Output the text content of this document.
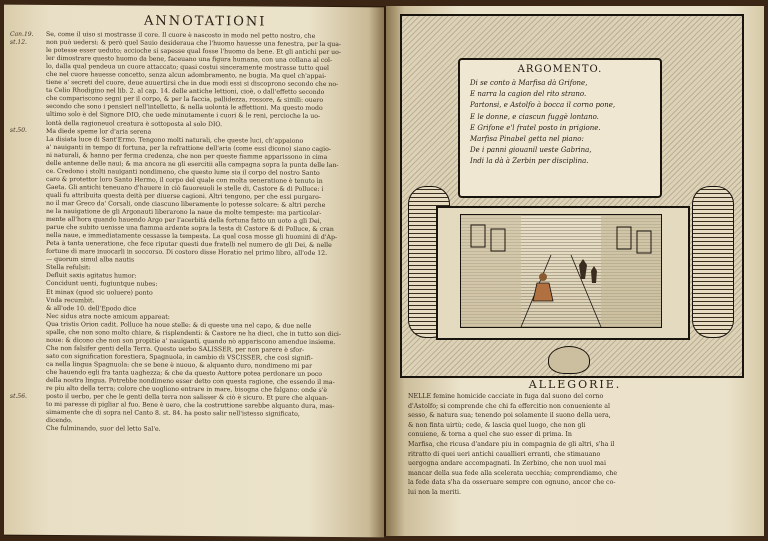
ANNOTATIONI
Can.19.
st.12.
st.50.
st.56.

Se, come il uiso si mostrasse il core. Il cuore è nascosto in modo nel petto nostro, che

non può uedersi: & però quel Sauio desideraua che l'huomo hauesse una fenestra, per la qua-

le potesse esser ueduto; accioche si sapesse qual fosse l'huomo da bene. Et gli antichi per uo-

ler dimostrare questo huomo da bene, faceuano una figura humana, con una collana al col-

lo, dalla qual pendeua un cuore attaccato; quasi costui sinceramente mostrasse tutto quel

che nel cuore hauesse concetto, senza alcun adombramento, ne bugia. Ma quel ch'appai-

tiene a' secreti del cuore, deue auuertirsi che in due modi essi si discoprono secondo che no-

ta Celio Rhodigino nel lib. 2. al cap. 14. delle antiche lettioni, cioè, o dall'effetto secondo

che compariscono segni per il corpo, & per la faccia, pallidezza, rossore, & simili: ouero

secondo che sono i pensieri nell'intelletto, & nella uolontà le affettioni. Ma questo modo

ultimo solo è del Signore DIO, che uede minutamente i cuori & le reni, percioche la uo-

lontà della ragioneuol creatura è sottoposta al solo DIO.

Ma diede speme lor d'aria serena

La disiata luce di Sant'Ermo. Tengono molti naturali, che queste luci, ch'appaiono

a' nauiganti in tempo di fortuna, per la refrattione dell'aria (come essi dicono) siano cagio-

ni naturali, & hanno per ferma credenza, che non per queste fiamme apparissono in cima

delle antenne delle naui; & ma ancora ne gli esercitii alla campagna sopra la punta delle lan-

ce. Credono i stolti nauiganti nondimeno, che questo lume sia il corpo del nostro Santo

caro & protettor loro Santo Hermo, il corpo del quale con molta ueneratione è tenuto in

Gaeta. Gli antichi teneuano d'hauere in ciò fauoreuoli le stelle di, Castore & di Polluce: i

quali fu attribuita questa deità per diuerse cagioni. Altri tengono, per che essi purgaro-

no il mar Greco da' Corsali, onde ciascuno liberamente lo potesse solcare: & altri perche

ne la nauigatione de gli Argonauti liberarono la naue da molte tempeste: ma particolar-

mente all'hora quando hauendo Argo per l'acerbità della fortuna fatto un uoto a gli Dei,

parue che subito uenisse una fiamma ardente sopra la testa di Castore & di Polluce, & cran

nella naue, e immediatamente cessasse la tempesta. La qual cosa mosse gli huomini di d'Ap-

Peta à tanta ueneratione, che fece riputar questi due fratelli nel numero de gli Dei, & nelle

fortune di mare inuocarli in soccorso. Di costoro disse Horatio nel primo libro, all'ode 12.

— quorum simul alba nautis

Stella refulsit:

Defluit saxis agitatus humor:

Concidunt uenti, fugiuntque nubes:

Et minax (quod sic uoluere) ponto

Vnda recumbit.

& all'ode 10. dell'Epodo dice

Nec sidus atra nocte amicum appareat:

Qua tristis Orion cadit. Polluce ha noue stelle: & di queste una nel capo, & due nelle

spalle, che non sono molto chiare, & risplendenti: & Castore ne ha dieci, che in tutto son dici-

noue: & dicono che non son propitie a' nauiganti, quando nò appariscono amendue insieme.

Che non falsifer genti della Terra. Questo uerbo SALISSER, per non parere è sfor-

sato con signification forestiera, Spagnuola, in cambio di VSCISSER, che così signifi-

ca nella lingua Spagnuola: che se bene è nuouo, & alquanto duro, nondimeno mi par

che hauendo egli fra tanta uaghezza; & che da questo Auttore potea perdonare un poco

della nostra lingua. Potrebbe nondimeno esser detto con questa ragione, che essendo il ma-

re piu alto della terra; colore che uogliono entrare in mare, bisogna che falgano: onde s'è

posto il uerbo, per che le genti della terra non salisser & ciò è sicuro. Et pure che alquan-

to mi paresse di pigliar al fuo. Bene è uero, che la costruttione sarebbe alquanto dura, mas-

simamente che di sopra nel Canto 8. st. 84. ha posto salir nell'istesso significato,

dicendo.

Che fulminando, suor del letto Sal'e.

ARGOMENTO.
Di se conto à Marfisa dà Grifone,
E narra la cagion del rito strano.
Partonsi, e Astolfo à bocca il corno pone,
E le donne, e ciascun fuggè lontano.
E Grifone e'l fratel posto in prigione.
Marfisa Pinabel getta nel piano:
De i panni giouanil ueste Gabrina,
Indi la dà à Zerbin per disciplina.
ALLEGORIE.

NELLE femine homicide cacciate in fuga dal suono del corno

d'Astolfo; si comprende che chi fa effercitio non conueniente al

sesso, & natura sua; tenendo poi solamente il suono della uera,

& non finta uirtù; cede, & lascia quel luogo, che non gli

conuiene, & torna a quel che suo esser di prima. In

Marfisa, che ricusa d'andare piu in compagnia de gli altri, s'ha il

ritratto di quei ueri antichi cauallieri erranti, che stimauano

uergogna andare accompagnati. In Zerbino, che non uuol mai

mancar della sua fede alla scelerata uecchia; comprendiamo, che

la fede data s'ha da osseruare sempre con ognuno, ancor che co-

lui non la meriti.
